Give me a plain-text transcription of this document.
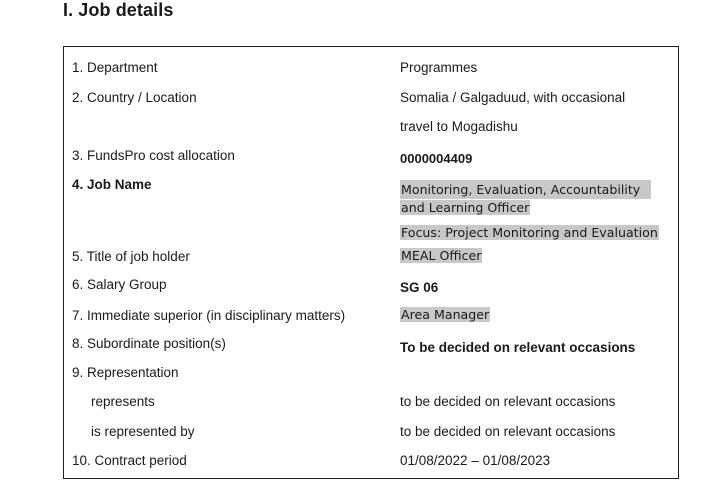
I. Job details
1. Department	Programmes
2. Country / Location	Somalia / Galgaduud, with occasional
travel to Mogadishu
3. FundsPro cost allocation	0000004409
4. Job Name	Monitoring, Evaluation, Accountability
and Learning Officer
Focus: Project Monitoring and Evaluation
5. Title of job holder	MEAL Officer
6. Salary Group	SG 06
7. Immediate superior (in disciplinary matters)	Area Manager
8. Subordinate position(s)	To be decided on relevant occasions
9. Representation
represents	to be decided on relevant occasions
is represented by	to be decided on relevant occasions
10. Contract period	01/08/2022 – 01/08/2023
